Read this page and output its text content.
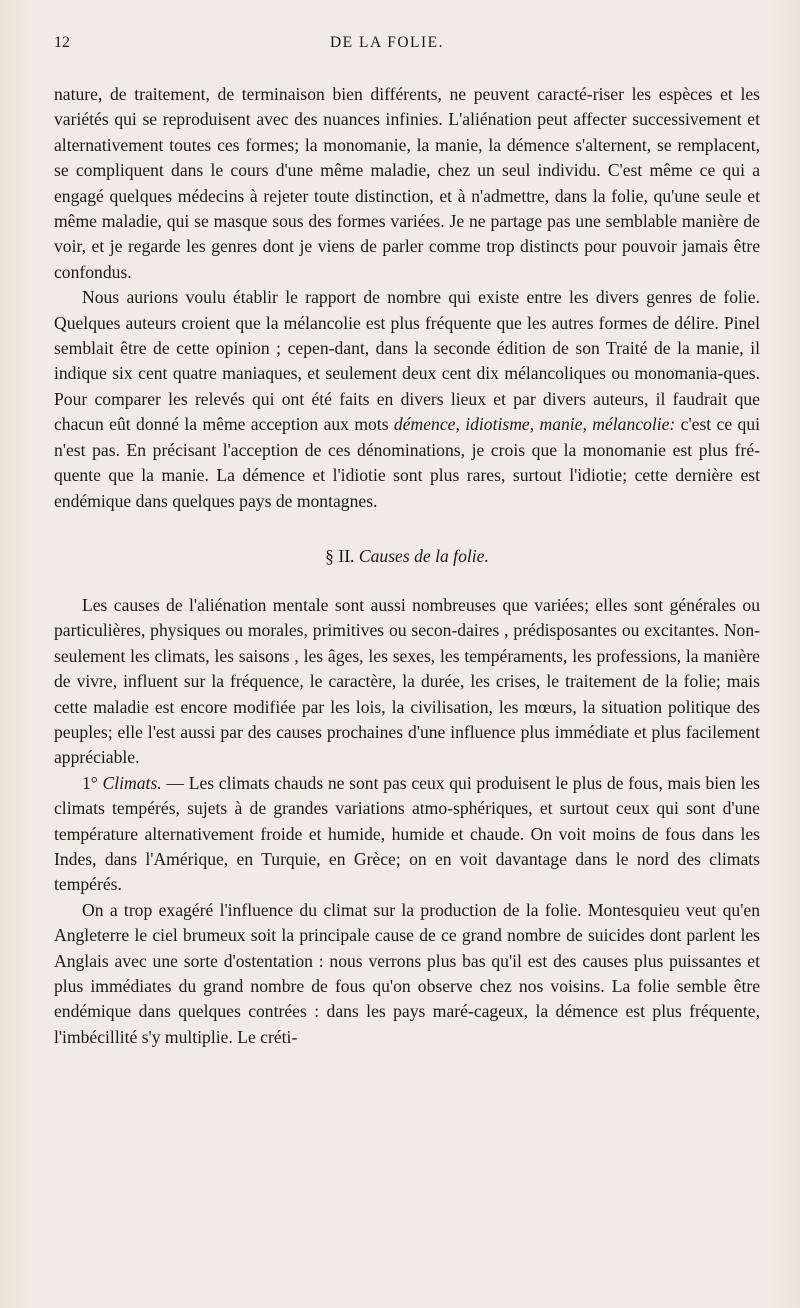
12	DE LA FOLIE.

nature, de traitement, de terminaison bien différents, ne peuvent caracté-riser les espèces et les variétés qui se reproduisent avec des nuances infinies. L'aliénation peut affecter successivement et alternativement toutes ces formes; la monomanie, la manie, la démence s'alternent, se remplacent, se compliquent dans le cours d'une même maladie, chez un seul individu. C'est même ce qui a engagé quelques médecins à rejeter toute distinction, et à n'admettre, dans la folie, qu'une seule et même maladie, qui se masque sous des formes variées. Je ne partage pas une semblable manière de voir, et je regarde les genres dont je viens de parler comme trop distincts pour pouvoir jamais être confondus.

Nous aurions voulu établir le rapport de nombre qui existe entre les divers genres de folie. Quelques auteurs croient que la mélancolie est plus fréquente que les autres formes de délire. Pinel semblait être de cette opinion ; cepen-dant, dans la seconde édition de son Traité de la manie, il indique six cent quatre maniaques, et seulement deux cent dix mélancoliques ou monomania-ques. Pour comparer les relevés qui ont été faits en divers lieux et par divers auteurs, il faudrait que chacun eût donné la même acception aux mots démence, idiotisme, manie, mélancolie: c'est ce qui n'est pas. En précisant l'acception de ces dénominations, je crois que la monomanie est plus fré-quente que la manie. La démence et l'idiotie sont plus rares, surtout l'idiotie; cette dernière est endémique dans quelques pays de montagnes.

§ II. Causes de la folie.

Les causes de l'aliénation mentale sont aussi nombreuses que variées; elles sont générales ou particulières, physiques ou morales, primitives ou secon-daires , prédisposantes ou excitantes. Non-seulement les climats, les saisons , les âges, les sexes, les tempéraments, les professions, la manière de vivre, influent sur la fréquence, le caractère, la durée, les crises, le traitement de la folie; mais cette maladie est encore modifiée par les lois, la civilisation, les mœurs, la situation politique des peuples; elle l'est aussi par des causes prochaines d'une influence plus immédiate et plus facilement appréciable.

1° Climats. — Les climats chauds ne sont pas ceux qui produisent le plus de fous, mais bien les climats tempérés, sujets à de grandes variations atmo-sphériques, et surtout ceux qui sont d'une température alternativement froide et humide, humide et chaude. On voit moins de fous dans les Indes, dans l'Amérique, en Turquie, en Grèce; on en voit davantage dans le nord des climats tempérés.

On a trop exagéré l'influence du climat sur la production de la folie. Montesquieu veut qu'en Angleterre le ciel brumeux soit la principale cause de ce grand nombre de suicides dont parlent les Anglais avec une sorte d'ostentation : nous verrons plus bas qu'il est des causes plus puissantes et plus immédiates du grand nombre de fous qu'on observe chez nos voisins. La folie semble être endémique dans quelques contrées : dans les pays maré-cageux, la démence est plus fréquente, l'imbécillité s'y multiplie. Le créti-
